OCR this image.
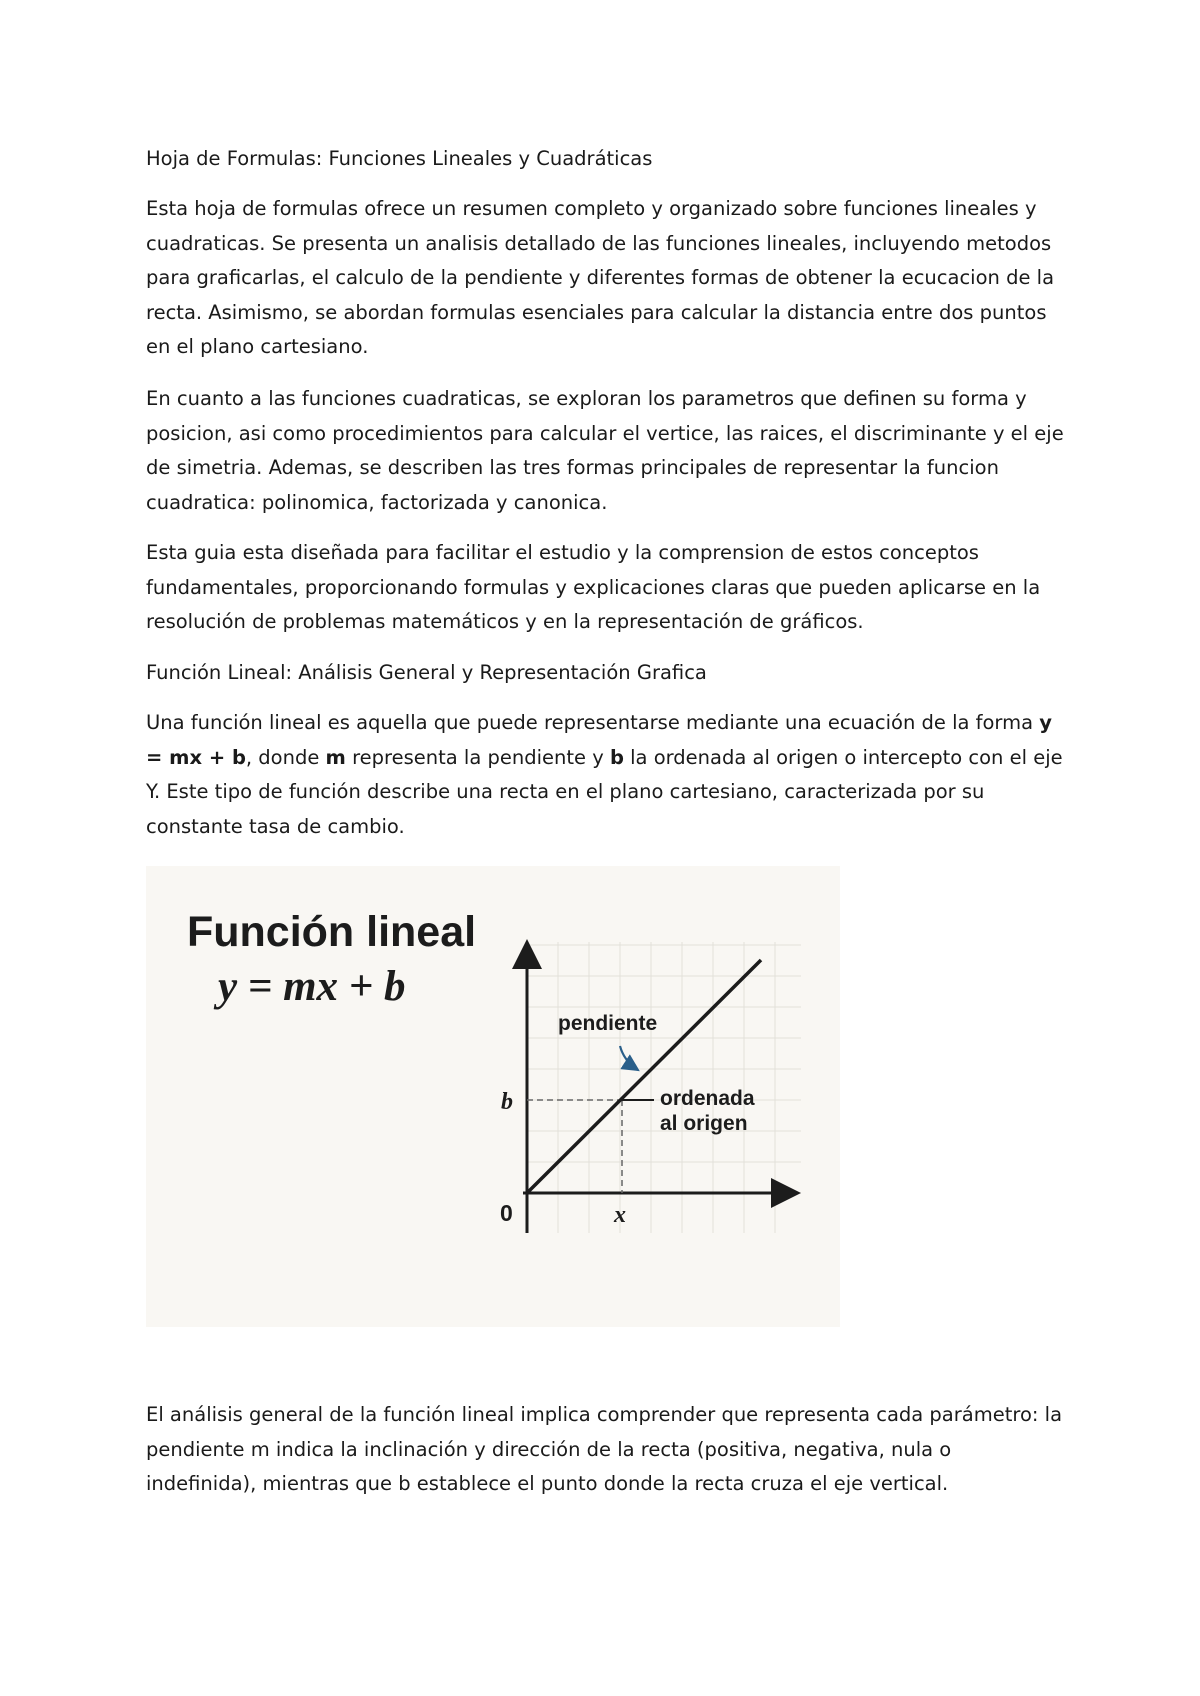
Hoja de Formulas: Funciones Lineales y Cuadráticas

Esta hoja de formulas ofrece un resumen completo y organizado sobre funciones lineales y cuadraticas. Se presenta un analisis detallado de las funciones lineales, incluyendo metodos para graficarlas, el calculo de la pendiente y diferentes formas de obtener la ecucacion de la recta. Asimismo, se abordan formulas esenciales para calcular la distancia entre dos puntos en el plano cartesiano.

En cuanto a las funciones cuadraticas, se exploran los parametros que definen su forma y posicion, asi como procedimientos para calcular el vertice, las raices, el discriminante y el eje de simetria. Ademas, se describen las tres formas principales de representar la funcion cuadratica: polinomica, factorizada y canonica.

Esta guia esta diseñada para facilitar el estudio y la comprension de estos conceptos fundamentales, proporcionando formulas y explicaciones claras que pueden aplicarse en la resolución de problemas matemáticos y en la representación de gráficos.

Función Lineal: Análisis General y Representación Grafica

Una función lineal es aquella que puede representarse mediante una ecuación de la forma y = mx + b, donde m representa la pendiente y b la ordenada al origen o intercepto con el eje Y. Este tipo de función describe una recta en el plano cartesiano, caracterizada por su constante tasa de cambio.

Función lineal
y = mx + b
pendiente
ordenada
al origen
b
0	x

El análisis general de la función lineal implica comprender que representa cada parámetro: la pendiente m indica la inclinación y dirección de la recta (positiva, negativa, nula o indefinida), mientras que b establece el punto donde la recta cruza el eje vertical.
